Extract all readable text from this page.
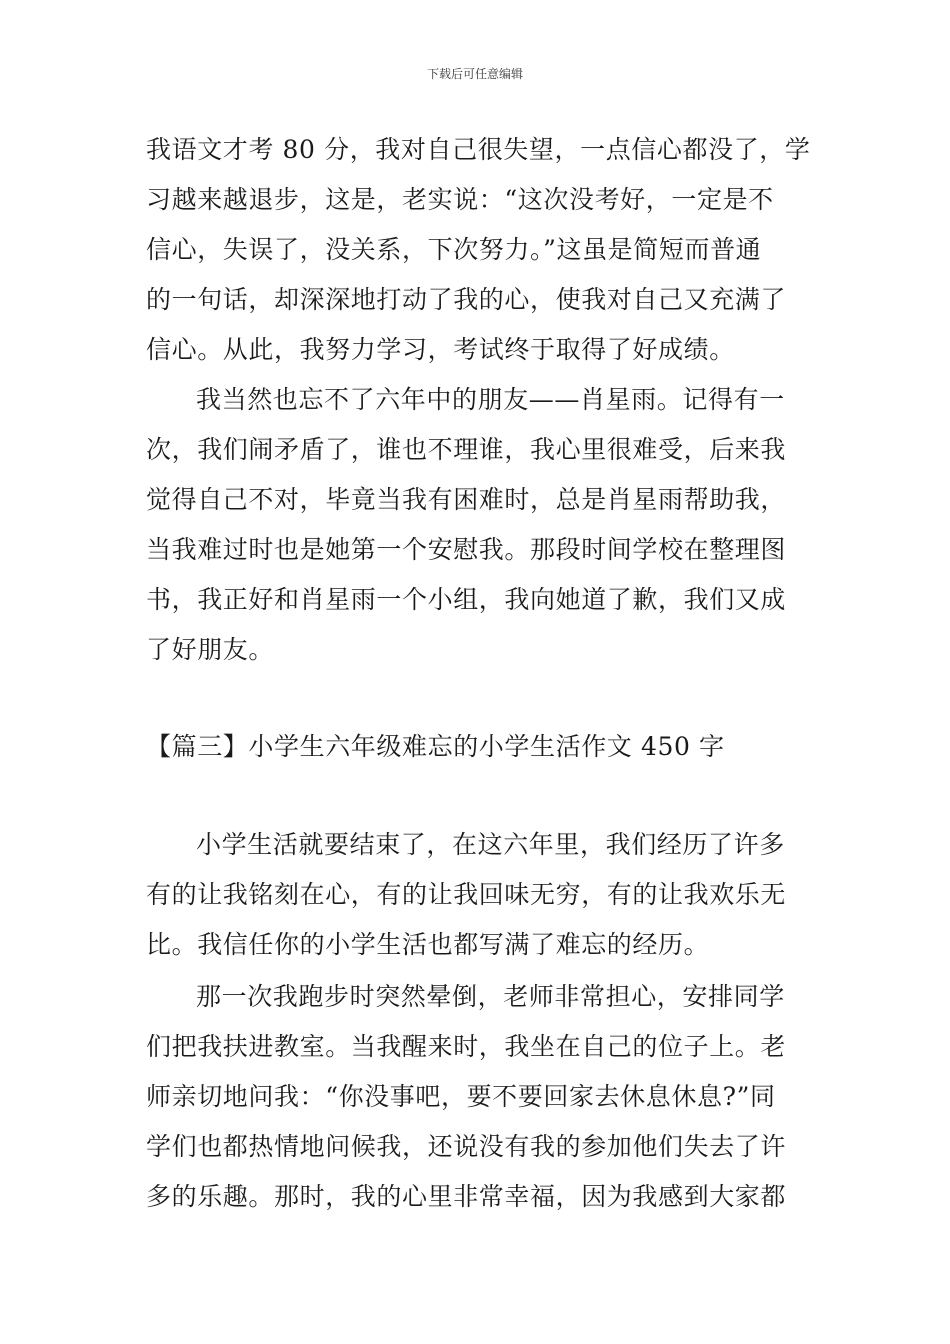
下载后可任意编辑
我语文才考 80 分，我对自己很失望，一点信心都没了，学
习越来越退步，这是，老实说：“这次没考好，一定是不
信心，失误了，没关系，下次努力。”这虽是简短而普通
的一句话，却深深地打动了我的心，使我对自己又充满了
信心。从此，我努力学习，考试终于取得了好成绩。
我当然也忘不了六年中的朋友——肖星雨。记得有一
次，我们闹矛盾了，谁也不理谁，我心里很难受，后来我
觉得自己不对，毕竟当我有困难时，总是肖星雨帮助我，
当我难过时也是她第一个安慰我。那段时间学校在整理图
书，我正好和肖星雨一个小组，我向她道了歉，我们又成
了好朋友。
【篇三】小学生六年级难忘的小学生活作文 450 字
小学生活就要结束了，在这六年里，我们经历了许多
有的让我铭刻在心，有的让我回味无穷，有的让我欢乐无
比。我信任你的小学生活也都写满了难忘的经历。
那一次我跑步时突然晕倒，老师非常担心，安排同学
们把我扶进教室。当我醒来时，我坐在自己的位子上。老
师亲切地问我：“你没事吧，要不要回家去休息休息?”同
学们也都热情地问候我，还说没有我的参加他们失去了许
多的乐趣。那时，我的心里非常幸福，因为我感到大家都
